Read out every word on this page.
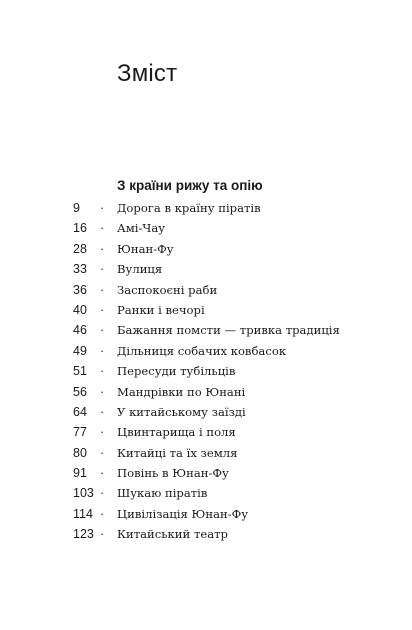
Зміст
З країни рижу та опію
9 · Дорога в країну піратів
16 · Амі-Чау
28 · Юнан-Фу
33 · Вулиця
36 · Заспокоєні раби
40 · Ранки і вечорі
46 · Бажання помсти — тривка традиція
49 · Дільниця собачих ковбасок
51 · Пересуди тубільців
56 · Мандрівки по Юнані
64 · У китайському заїзді
77 · Цвинтарища і поля
80 · Китайці та їх земля
91 · Повінь в Юнан-Фу
103 · Шукаю піратів
114 · Цивілізація Юнан-Фу
123 · Китайський театр
